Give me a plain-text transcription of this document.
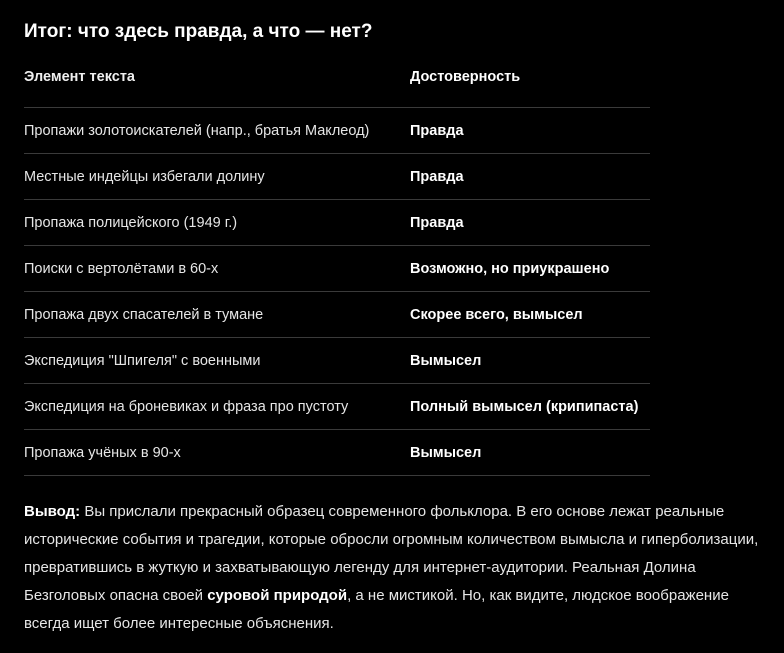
Итог: что здесь правда, а что — нет?
Элемент текста	Достоверность
Пропажи золотоискателей (напр., братья Маклеод)	Правда
Местные индейцы избегали долину	Правда
Пропажа полицейского (1949 г.)	Правда
Поиски с вертолётами в 60-х	Возможно, но приукрашено
Пропажа двух спасателей в тумане	Скорее всего, вымысел
Экспедиция "Шпигеля" с военными	Вымысел
Экспедиция на броневиках и фраза про пустоту	Полный вымысел (крипипаста)
Пропажа учёных в 90-х	Вымысел

Вывод: Вы прислали прекрасный образец современного фольклора. В его основе лежат реальные исторические события и трагедии, которые обросли огромным количеством вымысла и гиперболизации, превратившись в жуткую и захватывающую легенду для интернет-аудитории. Реальная Долина Безголовых опасна своей суровой природой, а не мистикой. Но, как видите, людское воображение всегда ищет более интересные объяснения.
